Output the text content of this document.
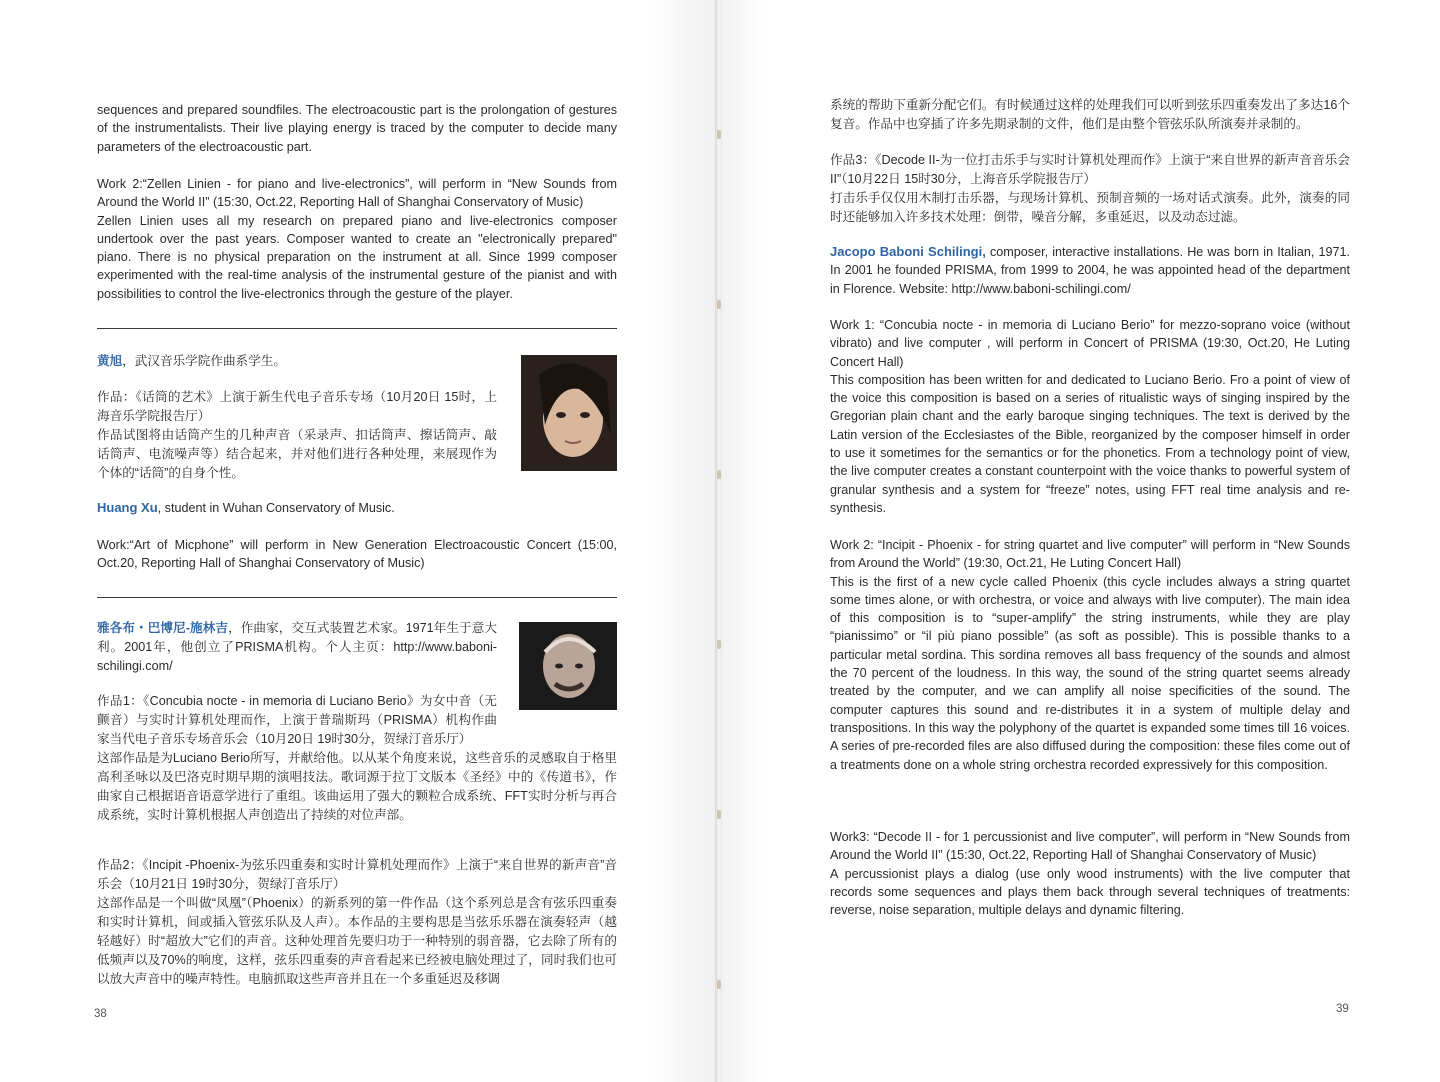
sequences and prepared soundfiles. The electroacoustic part is the prolongation of gestures of the instrumentalists. Their live playing energy is traced by the computer to decide many parameters of the electroacoustic part.

Work 2:“Zellen Linien - for piano and live-electronics”, will perform in “New Sounds from Around the World II” (15:30, Oct.22, Reporting Hall of Shanghai Conservatory of Music)

Zellen Linien uses all my research on prepared piano and live-electronics composer undertook over the past years. Composer wanted to create an "electronically prepared" piano. There is no physical preparation on the instrument at all. Since 1999 composer experimented with the real-time analysis of the instrumental gesture of the pianist and with possibilities to control the live-electronics through the gesture of the player.

黄旭，武汉音乐学院作曲系学生。

作品：《话筒的艺术》上演于新生代电子音乐专场（10月20日 15时，上海音乐学院报告厅）

作品试图将由话筒产生的几种声音（采录声、扣话筒声、擦话筒声、敲话筒声、电流噪声等）结合起来，并对他们进行各种处理，来展现作为个体的“话筒”的自身个性。

Huang Xu, student in Wuhan Conservatory of Music.

Work:“Art of Micphone” will perform in New Generation Electroacoustic Concert (15:00, Oct.20, Reporting Hall of Shanghai Conservatory of Music)

雅各布・巴博尼-施林吉，作曲家，交互式装置艺术家。1971年生于意大利。2001年，他创立了PRISMA机构。个人主页：http://www.baboni-schilingi.com/

作品1：《Concubia nocte - in memoria di Luciano Berio》为女中音（无颤音）与实时计算机处理而作，上演于普瑞斯玛（PRISMA）机构作曲家当代电子音乐专场音乐会（10月20日 19时30分，贺绿汀音乐厅）

这部作品是为Luciano Berio所写，并献给他。以从某个角度来说，这些音乐的灵感取自于格里高利圣咏以及巴洛克时期早期的演唱技法。歌词源于拉丁文版本《圣经》中的《传道书》，作曲家自己根据语音语意学进行了重组。该曲运用了强大的颗粒合成系统、FFT实时分析与再合成系统，实时计算机根据人声创造出了持续的对位声部。

作品2：《Incipit -Phoenix-为弦乐四重奏和实时计算机处理而作》上演于“来自世界的新声音”音乐会（10月21日 19时30分，贺绿汀音乐厅）

这部作品是一个叫做“凤凰”（Phoenix）的新系列的第一件作品（这个系列总是含有弦乐四重奏和实时计算机，间或插入管弦乐队及人声）。本作品的主要构思是当弦乐乐器在演奏轻声（越轻越好）时“超放大”它们的声音。这种处理首先要归功于一种特别的弱音器，它去除了所有的低频声以及70%的响度，这样，弦乐四重奏的声音看起来已经被电脑处理过了，同时我们也可以放大声音中的噪声特性。电脑抓取这些声音并且在一个多重延迟及移调

38

系统的帮助下重新分配它们。有时候通过这样的处理我们可以听到弦乐四重奏发出了多达16个复音。作品中也穿插了许多先期录制的文件，他们是由整个管弦乐队所演奏并录制的。

作品3：《Decode II-为一位打击乐手与实时计算机处理而作》上演于“来自世界的新声音音乐会II”（10月22日 15时30分，上海音乐学院报告厅）

打击乐手仅仅用木制打击乐器，与现场计算机、预制音频的一场对话式演奏。此外，演奏的同时还能够加入许多技术处理：倒带，噪音分解，多重延迟，以及动态过滤。

Jacopo Baboni Schilingi, composer, interactive installations. He was born in Italian, 1971. In 2001 he founded PRISMA, from 1999 to 2004, he was appointed head of the department in Florence. Website: http://www.baboni-schilingi.com/

Work 1: “Concubia nocte - in memoria di Luciano Berio” for mezzo-soprano voice (without vibrato) and live computer , will perform in Concert of PRISMA (19:30, Oct.20, He Luting Concert Hall)

This composition has been written for and dedicated to Luciano Berio. Fro a point of view of the voice this composition is based on a series of ritualistic ways of singing inspired by the Gregorian plain chant and the early baroque singing techniques. The text is derived by the Latin version of the Ecclesiastes of the Bible, reorganized by the composer himself in order to use it sometimes for the semantics or for the phonetics. From a technology point of view, the live computer creates a constant counterpoint with the voice thanks to powerful system of granular synthesis and a system for “freeze” notes, using FFT real time analysis and re-synthesis.

Work 2: “Incipit - Phoenix - for string quartet and live computer” will perform in “New Sounds from Around the World” (19:30, Oct.21, He Luting Concert Hall)

This is the first of a new cycle called Phoenix (this cycle includes always a string quartet some times alone, or with orchestra, or voice and always with live computer). The main idea of this composition is to “super-amplify” the string instruments, while they are play “pianissimo” or “il più piano possible” (as soft as possible). This is possible thanks to a particular metal sordina. This sordina removes all bass frequency of the sounds and almost the 70 percent of the loudness. In this way, the sound of the string quartet seems already treated by the computer, and we can amplify all noise specificities of the sound. The computer captures this sound and re-distributes it in a system of multiple delay and transpositions. In this way the polyphony of the quartet is expanded some times till 16 voices. A series of pre-recorded files are also diffused during the composition: these files come out of a treatments done on a whole string orchestra recorded expressively for this composition.

Work3: “Decode II - for 1 percussionist and live computer”, will perform in “New Sounds from Around the World II” (15:30, Oct.22, Reporting Hall of Shanghai Conservatory of Music)

A percussionist plays a dialog (use only wood instruments) with the live computer that records some sequences and plays them back through several techniques of treatments: reverse, noise separation, multiple delays and dynamic filtering.

39
